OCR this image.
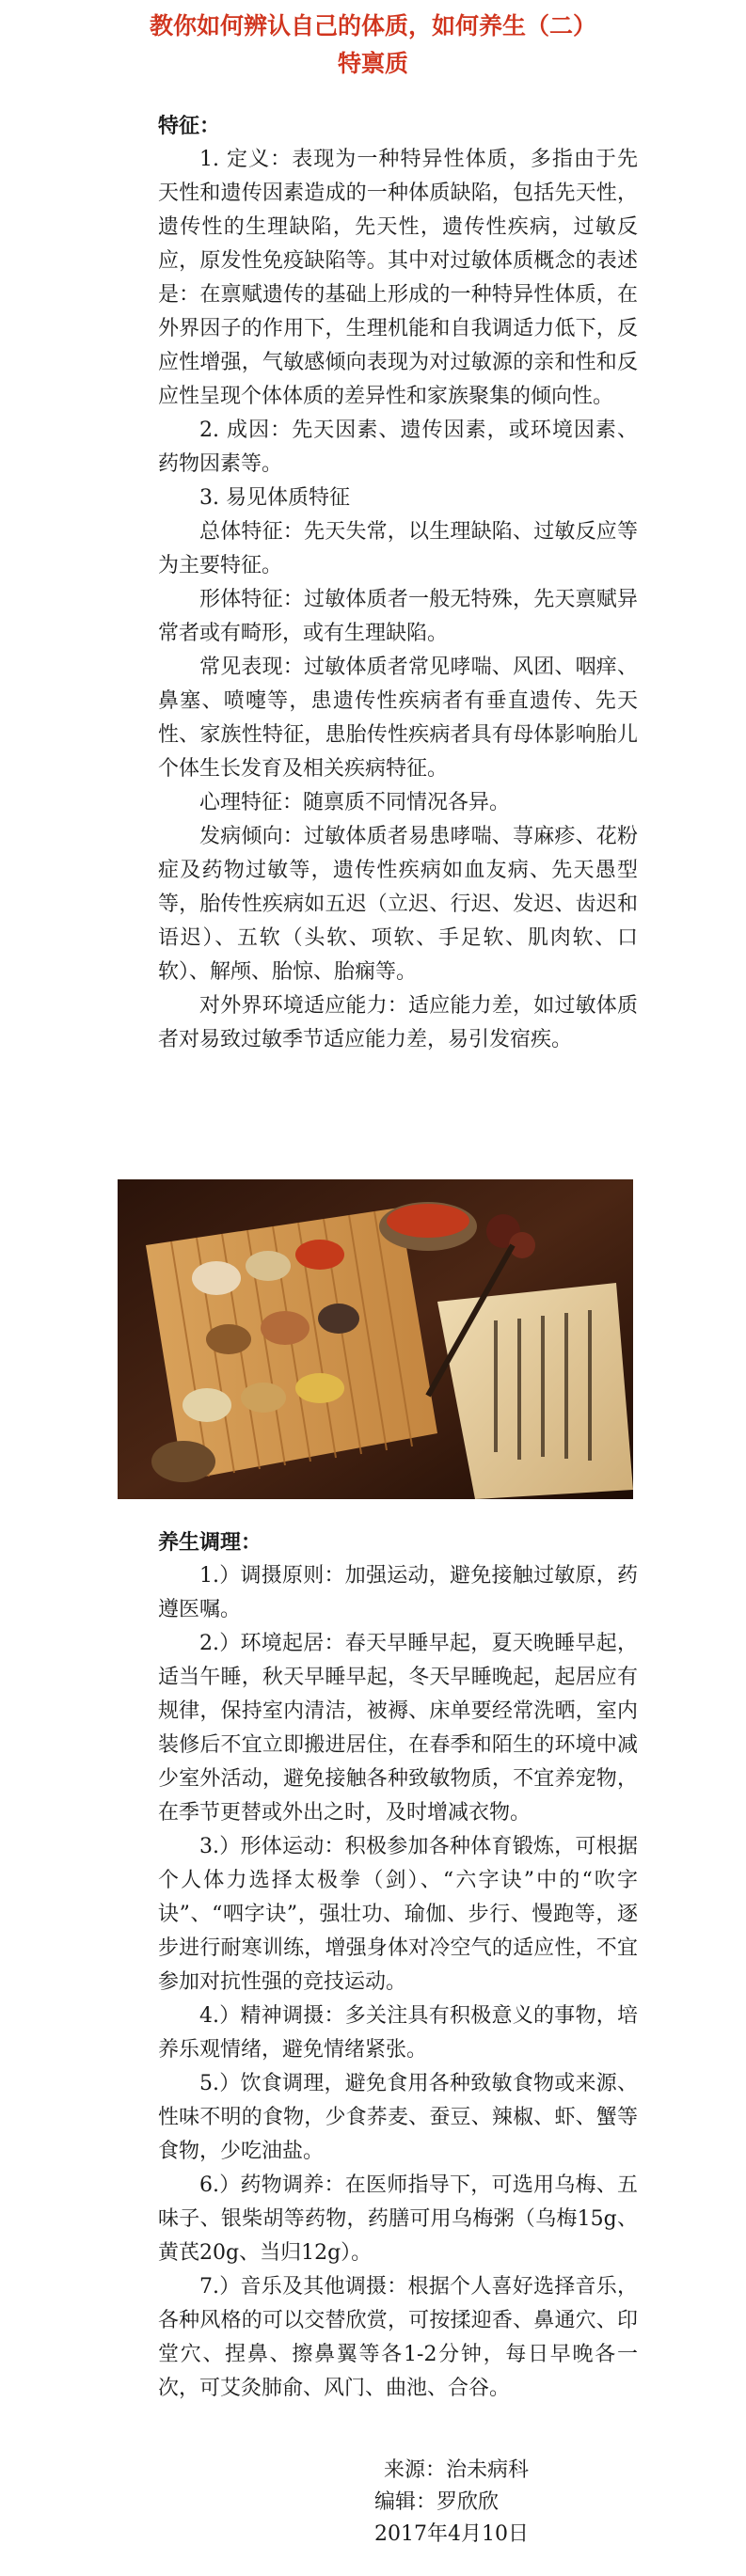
教你如何辨认自己的体质，如何养生（二）
特禀质

特征：

1. 定义：表现为一种特异性体质，多指由于先天性和遗传因素造成的一种体质缺陷，包括先天性，遗传性的生理缺陷，先天性，遗传性疾病，过敏反应，原发性免疫缺陷等。其中对过敏体质概念的表述是：在禀赋遗传的基础上形成的一种特异性体质，在外界因子的作用下，生理机能和自我调适力低下，反应性增强，气敏感倾向表现为对过敏源的亲和性和反应性呈现个体体质的差异性和家族聚集的倾向性。

2. 成因：先天因素、遗传因素，或环境因素、药物因素等。

3. 易见体质特征

总体特征：先天失常，以生理缺陷、过敏反应等为主要特征。

形体特征：过敏体质者一般无特殊，先天禀赋异常者或有畸形，或有生理缺陷。

常见表现：过敏体质者常见哮喘、风团、咽痒、鼻塞、喷嚏等，患遗传性疾病者有垂直遗传、先天性、家族性特征，患胎传性疾病者具有母体影响胎儿个体生长发育及相关疾病特征。

心理特征：随禀质不同情况各异。

发病倾向：过敏体质者易患哮喘、荨麻疹、花粉症及药物过敏等，遗传性疾病如血友病、先天愚型等，胎传性疾病如五迟（立迟、行迟、发迟、齿迟和语迟）、五软（头软、项软、手足软、肌肉软、口软）、解颅、胎惊、胎痫等。

对外界环境适应能力：适应能力差，如过敏体质者对易致过敏季节适应能力差，易引发宿疾。

养生调理：

1.）调摄原则：加强运动，避免接触过敏原，药遵医嘱。

2.）环境起居：春天早睡早起，夏天晚睡早起，适当午睡，秋天早睡早起，冬天早睡晚起，起居应有规律，保持室内清洁，被褥、床单要经常洗晒，室内装修后不宜立即搬进居住，在春季和陌生的环境中减少室外活动，避免接触各种致敏物质，不宜养宠物，在季节更替或外出之时，及时增减衣物。

3.）形体运动：积极参加各种体育锻炼，可根据个人体力选择太极拳（剑）、“六字诀”中的“吹字诀”、“呬字诀”，强壮功、瑜伽、步行、慢跑等，逐步进行耐寒训练，增强身体对冷空气的适应性，不宜参加对抗性强的竞技运动。

4.）精神调摄：多关注具有积极意义的事物，培养乐观情绪，避免情绪紧张。

5.）饮食调理，避免食用各种致敏食物或来源、性味不明的食物，少食荞麦、蚕豆、辣椒、虾、蟹等食物，少吃油盐。

6.）药物调养：在医师指导下，可选用乌梅、五味子、银柴胡等药物，药膳可用乌梅粥（乌梅15g、黄芪20g、当归12g）。

7.）音乐及其他调摄：根据个人喜好选择音乐，各种风格的可以交替欣赏，可按揉迎香、鼻通穴、印堂穴、捏鼻、擦鼻翼等各1-2分钟，每日早晚各一次，可艾灸肺俞、风门、曲池、合谷。

来源：治未病科

编辑：罗欣欣

2017年4月10日
